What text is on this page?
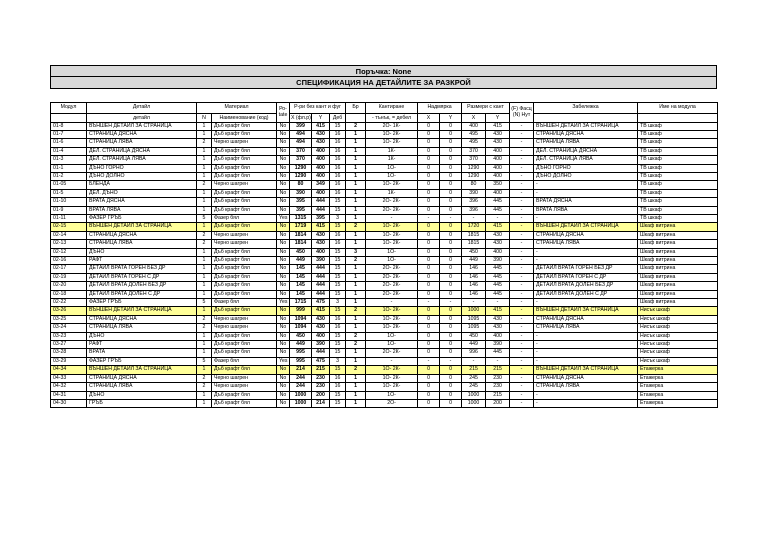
Поръчка: None
СПЕЦИФИКАЦИЯ НА ДЕТАЙЛИТЕ ЗА РАЗКРОЙ
Модул	Детайл	Материал		Ро-
tate	Р-ри без кант и фуг			Бр	Кантиране	Надмярка		Размери с кант		(F) Фасц
(N) Нут	Забележка	Име на модула
	детайл	N	Наименование (код)		X (фл.р)	Y	Деб		- тънък, = дебел	X	Y	X	Y			
01-8	ВЪНШЕН ДЕТАЙЛ ЗА СТРАНИЦА	1	Дъб крафт бял	No	399	415	15	2	2О- 1К-	0	0	400	415	-	ВЪНШЕН ДЕТАЙЛ ЗА СТРАНИЦА	ТВ шкаф
01-7	СТРАНИЦА ДЯСНА	1	Дъб крафт бял	No	494	430	16	1	1О- 2К-	0	0	495	430	-	СТРАНИЦА ДЯСНА	ТВ шкаф
01-6	СТРАНИЦА ЛЯВА	2	Черно шагрен	No	494	430	16	1	1О- 2К-	0	0	495	430	-	СТРАНИЦА ЛЯВА	ТВ шкаф
01-4	ДЕЛ. СТРАНИЦА ДЯСНА	1	Дъб крафт бял	No	370	400	16	1	1К-	0	0	370	400	-	ДЕЛ. СТРАНИЦА ДЯСНА	ТВ шкаф
01-3	ДЕЛ. СТРАНИЦА ЛЯВА	1	Дъб крафт бял	No	370	400	16	1	1К-	0	0	370	400	-	ДЕЛ. СТРАНИЦА ЛЯВА	ТВ шкаф
01-1	ДЪНО ГОРНО	1	Дъб крафт бял	No	1290	400	16	1	1О-	0	0	1290	400	-	ДЪНО ГОРНО	ТВ шкаф
01-2	ДЪНО ДОЛНО	1	Дъб крафт бял	No	1290	400	16	1	1О-	0	0	1290	400	-	ДЪНО ДОЛНО	ТВ шкаф
01-05	БЛЕНДА	2	Черно шагрен	No	80	349	16	1	1О- 2К-	0	0	80	350	-	-	ТВ шкаф
01-5	ДЕЛ. ДЪНО	1	Дъб крафт бял	No	390	400	16	1	1К-	0	0	390	400	-	-	ТВ шкаф
01-10	ВРАТА ДЯСНА	1	Дъб крафт бял	No	395	444	15	1	2О- 2К-	0	0	396	445	-	ВРАТА ДЯСНА	ТВ шкаф
01-9	ВРАТА ЛЯВА	1	Дъб крафт бял	No	395	444	15	1	2О- 2К-	0	0	396	445	-	ВРАТА ЛЯВА	ТВ шкаф
01-11	ФАЗЕР ГРЪБ	5	Фазер бял	Yes	1315	395	3	1	-	-	-	-	-	-	-	ТВ шкаф
02-15	ВЪНШЕН ДЕТАЙЛ ЗА СТРАНИЦА	1	Дъб крафт бял	No	1719	415	15	2	1О- 2К-	0	0	1720	415	-	ВЪНШЕН ДЕТАЙЛ ЗА СТРАНИЦА	Шкаф витрина
02-14	СТРАНИЦА ДЯСНА	2	Черно шагрен	No	1814	430	16	1	1О- 2К-	0	0	1815	430	-	СТРАНИЦА ДЯСНА	Шкаф витрина
02-13	СТРАНИЦА ЛЯВА	2	Черно шагрен	No	1814	430	16	1	1О- 2К-	0	0	1815	430	-	СТРАНИЦА ЛЯВА	Шкаф витрина
02-12	ДЪНО	1	Дъб крафт бял	No	450	400	15	3	1О-	0	0	450	400	-	-	Шкаф витрина
02-16	РАФТ	1	Дъб крафт бял	No	449	390	15	2	1О-	0	0	449	390	-	-	Шкаф витрина
02-17	ДЕТАЙЛ ВРАТА ГОРЕН БЕЗ ДР	1	Дъб крафт бял	No	145	444	15	1	2О- 2К-	0	0	146	445	-	ДЕТАЙЛ ВРАТА ГОРЕН БЕЗ ДР	Шкаф витрина
02-19	ДЕТАЙЛ ВРАТА ГОРЕН С ДР	1	Дъб крафт бял	No	145	444	15	1	2О- 2К-	0	0	146	445	-	ДЕТАЙЛ ВРАТА ГОРЕН С ДР	Шкаф витрина
02-20	ДЕТАЙЛ ВРАТА ДОЛЕН БЕЗ ДР	1	Дъб крафт бял	No	145	444	15	1	2О- 2К-	0	0	146	445	-	ДЕТАЙЛ ВРАТА ДОЛЕН БЕЗ ДР	Шкаф витрина
02-18	ДЕТАЙЛ ВРАТА ДОЛЕН С ДР	1	Дъб крафт бял	No	145	444	15	1	2О- 2К-	0	0	146	445	-	ДЕТАЙЛ ВРАТА ДОЛЕН С ДР	Шкаф витрина
02-22	ФАЗЕР ГРЪБ	5	Фазер бял	Yes	1715	475	3	1	-	-	-	-	-	-	-	Шкаф витрина
03-26	ВЪНШЕН ДЕТАЙЛ ЗА СТРАНИЦА	1	Дъб крафт бял	No	999	415	15	2	1О- 2К-	0	0	1000	415	-	ВЪНШЕН ДЕТАЙЛ ЗА СТРАНИЦА	Нисък шкаф
03-25	СТРАНИЦА ДЯСНА	2	Черно шагрен	No	1094	430	16	1	1О- 2К-	0	0	1095	430	-	СТРАНИЦА ДЯСНА	Нисък шкаф
03-24	СТРАНИЦА ЛЯВА	2	Черно шагрен	No	1094	430	16	1	1О- 2К-	0	0	1095	430	-	СТРАНИЦА ЛЯВА	Нисък шкаф
03-23	ДЪНО	1	Дъб крафт бял	No	450	400	15	2	1О-	0	0	450	400	-	-	Нисък шкаф
03-27	РАФТ	1	Дъб крафт бял	No	449	390	15	2	1О-	0	0	449	390	-	-	Нисък шкаф
03-28	ВРАТА	1	Дъб крафт бял	No	995	444	15	1	2О- 2К-	0	0	996	445	-	-	Нисък шкаф
03-29	ФАЗЕР ГРЪБ	5	Фазер бял	Yes	995	475	3	1	-	-	-	-	-	-	-	Нисък шкаф
04-34	ВЪНШЕН ДЕТАЙЛ ЗА СТРАНИЦА	1	Дъб крафт бял	No	214	215	15	2	1О- 2К-	0	0	215	215	-	ВЪНШЕН ДЕТАЙЛ ЗА СТРАНИЦА	Етажерка
04-33	СТРАНИЦА ДЯСНА	2	Черно шагрен	No	244	230	16	1	1О- 2К-	0	0	245	230	-	СТРАНИЦА ДЯСНА	Етажерка
04-32	СТРАНИЦА ЛЯВА	2	Черно шагрен	No	244	230	16	1	1О- 2К-	0	0	245	230	-	СТРАНИЦА ЛЯВА	Етажерка
04-31	ДЪНО	1	Дъб крафт бял	No	1000	200	15	1	1О-	0	0	1000	215	-	-	Етажерка
04-30	ГРЪБ	1	Дъб крафт бял	No	1000	214	15	1	2О-	0	0	1000	200	-	-	Етажерка
